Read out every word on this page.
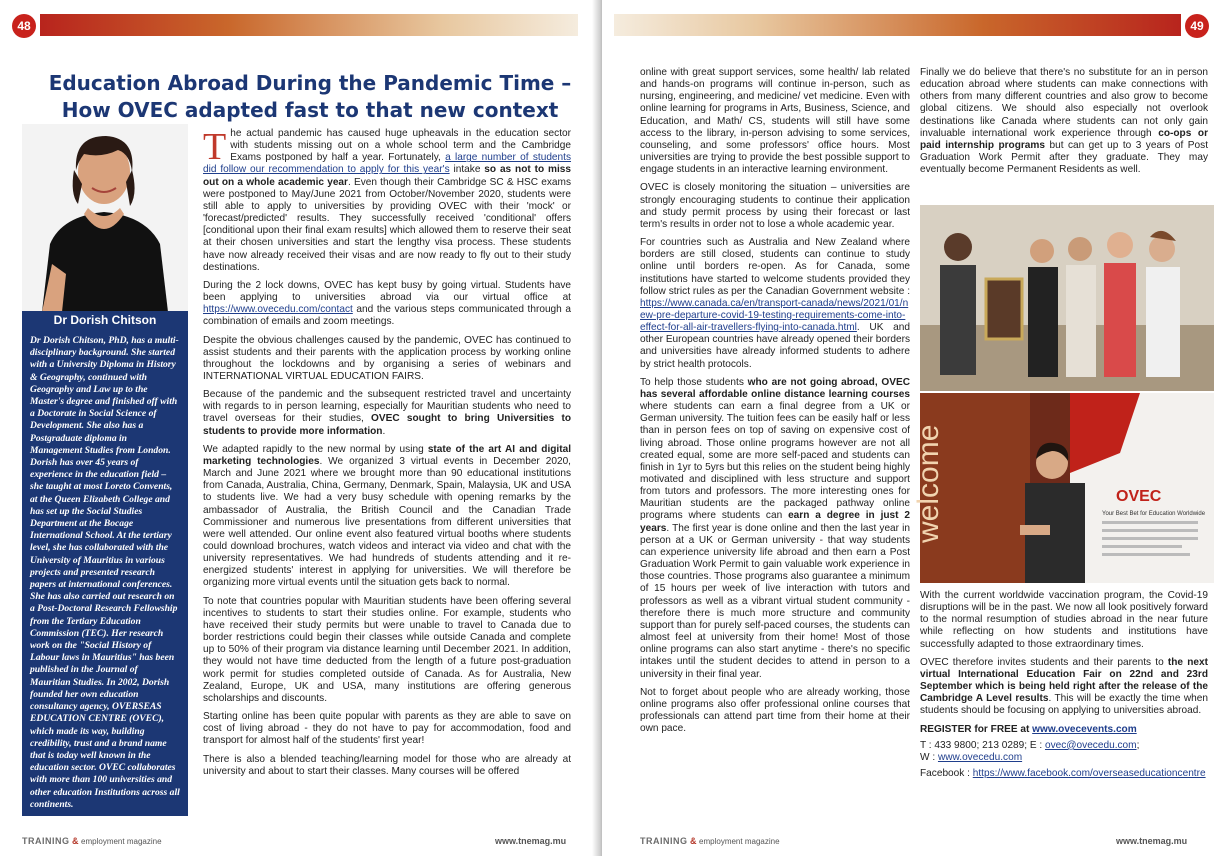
48
Education Abroad During the Pandemic Time –
How OVEC adapted fast to that new context
Dr Dorish Chitson
Dr Dorish Chitson, PhD, has a multi-disciplinary background. She started with a University Diploma in History & Geography, continued with Geography and Law up to the Master's degree and finished off with a Doctorate in Social Science of Development. She also has a Postgraduate diploma in Management Studies from London. Dorish has over 45 years of experience in the education field – she taught at most Loreto Convents, at the Queen Elizabeth College and has set up the Social Studies Department at the Bocage International School. At the tertiary level, she has collaborated with the University of Mauritius in various projects and presented research papers at international conferences. She has also carried out research on a Post-Doctoral Research Fellowship from the Tertiary Education Commission (TEC). Her research work on the "Social History of Labour laws in Mauritius" has been published in the Journal of Mauritian Studies. In 2002, Dorish founded her own education consultancy agency, OVERSEAS EDUCATION CENTRE (OVEC), which made its way, building credibility, trust and a brand name that is today well known in the education sector. OVEC collaborates with more than 100 universities and other education Institutions across all continents.

The actual pandemic has caused huge upheavals in the education sector with students missing out on a whole school term and the Cambridge Exams postponed by half a year. Fortunately, a large number of students did follow our recommendation to apply for this year's intake so as not to miss out on a whole academic year. Even though their Cambridge SC & HSC exams were postponed to May/June 2021 from October/November 2020, students were still able to apply to universities by providing OVEC with their 'mock' or 'forecast/predicted' results. They successfully received 'conditional' offers [conditional upon their final exam results] which allowed them to reserve their seat at their chosen universities and start the lengthy visa process. These students have now already received their visas and are now ready to fly out to their study destinations.

During the 2 lock downs, OVEC has kept busy by going virtual. Students have been applying to universities abroad via our virtual office at https://www.ovecedu.com/contact and the various steps communicated through a combination of emails and zoom meetings.

Despite the obvious challenges caused by the pandemic, OVEC has continued to assist students and their parents with the application process by working online throughout the lockdowns and by organising a series of webinars and INTERNATIONAL VIRTUAL EDUCATION FAIRS.

Because of the pandemic and the subsequent restricted travel and uncertainty with regards to in person learning, especially for Mauritian students who need to travel overseas for their studies, OVEC sought to bring Universities to students to provide more information.

We adapted rapidly to the new normal by using state of the art AI and digital marketing technologies. We organized 3 virtual events in December 2020, March and June 2021 where we brought more than 90 educational institutions from Canada, Australia, China, Germany, Denmark, Spain, Malaysia, UK and USA to students live. We had a very busy schedule with opening remarks by the ambassador of Australia, the British Council and the Canadian Trade Commissioner and numerous live presentations from different universities that were well attended. Our online event also featured virtual booths where students could download brochures, watch videos and interact via video and chat with the university representatives. We had hundreds of students attending and it re-energized students' interest in applying for universities. We will therefore be organizing more virtual events until the situation gets back to normal.

To note that countries popular with Mauritian students have been offering several incentives to students to start their studies online. For example, students who have received their study permits but were unable to travel to Canada due to border restrictions could begin their classes while outside Canada and complete up to 50% of their program via distance learning until December 2021. In addition, they would not have time deducted from the length of a future post-graduation work permit for studies completed outside of Canada. As for Australia, New Zealand, Europe, UK and USA, many institutions are offering generous scholarships and discounts.

Starting online has been quite popular with parents as they are able to save on cost of living abroad - they do not have to pay for accommodation, food and transport for almost half of the students' first year!

There is also a blended teaching/learning model for those who are already at university and about to start their classes. Many courses will be offered

TRAINING & employment magazine	www.tnemag.mu
49

online with great support services, some health/ lab related and hands-on programs will continue in-person, such as nursing, engineering, and medicine/ vet medicine. Even with online learning for programs in Arts, Business, Science, and Education, and Math/ CS, students will still have some access to the library, in-person advising to some services, counseling, and some professors' office hours. Most universities are trying to provide the best possible support to engage students in an interactive learning environment.

OVEC is closely monitoring the situation – universities are strongly encouraging students to continue their application and study permit process by using their forecast or last term's results in order not to lose a whole academic year.

For countries such as Australia and New Zealand where borders are still closed, students can continue to study online until borders re-open. As for Canada, some institutions have started to welcome students provided they follow strict rules as per the Canadian Government website : https://www.canada.ca/en/transport-canada/news/2021/01/new-pre-departure-covid-19-testing-requirements-come-into-effect-for-all-air-travellers-flying-into-canada.html. UK and other European countries have already opened their borders and universities have already informed students to adhere by strict health protocols.

To help those students who are not going abroad, OVEC has several affordable online distance learning courses where students can earn a final degree from a UK or German university. The tuition fees can be easily half or less than in person fees on top of saving on expensive cost of living abroad. Those online programs however are not all created equal, some are more self-paced and students can finish in 1yr to 5yrs but this relies on the student being highly motivated and disciplined with less structure and support from tutors and professors. The more interesting ones for Mauritian students are the packaged pathway online programs where students can earn a degree in just 2 years. The first year is done online and then the last year in person at a UK or German university - that way students can experience university life abroad and then earn a Post Graduation Work Permit to gain valuable work experience in those countries. Those programs also guarantee a minimum of 15 hours per week of live interaction with tutors and professors as well as a vibrant virtual student community - therefore there is much more structure and community support than for purely self-paced courses, the students can almost feel at university from their home! Most of those online programs can also start anytime - there's no specific intakes until the student decides to attend in person to a university in their final year.

Not to forget about people who are already working, those online programs also offer professional online courses that professionals can attend part time from their home at their own pace.

Finally we do believe that there's no substitute for an in person education abroad where students can make connections with others from many different countries and also grow to become global citizens. We should also especially not overlook destinations like Canada where students can not only gain invaluable international work experience through co-ops or paid internship programs but can get up to 3 years of Post Graduation Work Permit after they graduate. They may eventually become Permanent Residents as well.

welcome	OVEC
Your Best Bet for Education Worldwide

With the current worldwide vaccination program, the Covid-19 disruptions will be in the past. We now all look positively forward to the normal resumption of studies abroad in the near future while reflecting on how students and institutions have successfully adapted to those extraordinary times.

OVEC therefore invites students and their parents to the next virtual International Education Fair on 22nd and 23rd September which is being held right after the release of the Cambridge A Level results. This will be exactly the time when students should be focusing on applying to universities abroad.

REGISTER for FREE at www.ovecevents.com

T : 433 9800; 213 0289; E : ovec@ovecedu.com;

W : www.ovecedu.com

Facebook : https://www.facebook.com/overseaseducationcentre

TRAINING & employment magazine	www.tnemag.mu
